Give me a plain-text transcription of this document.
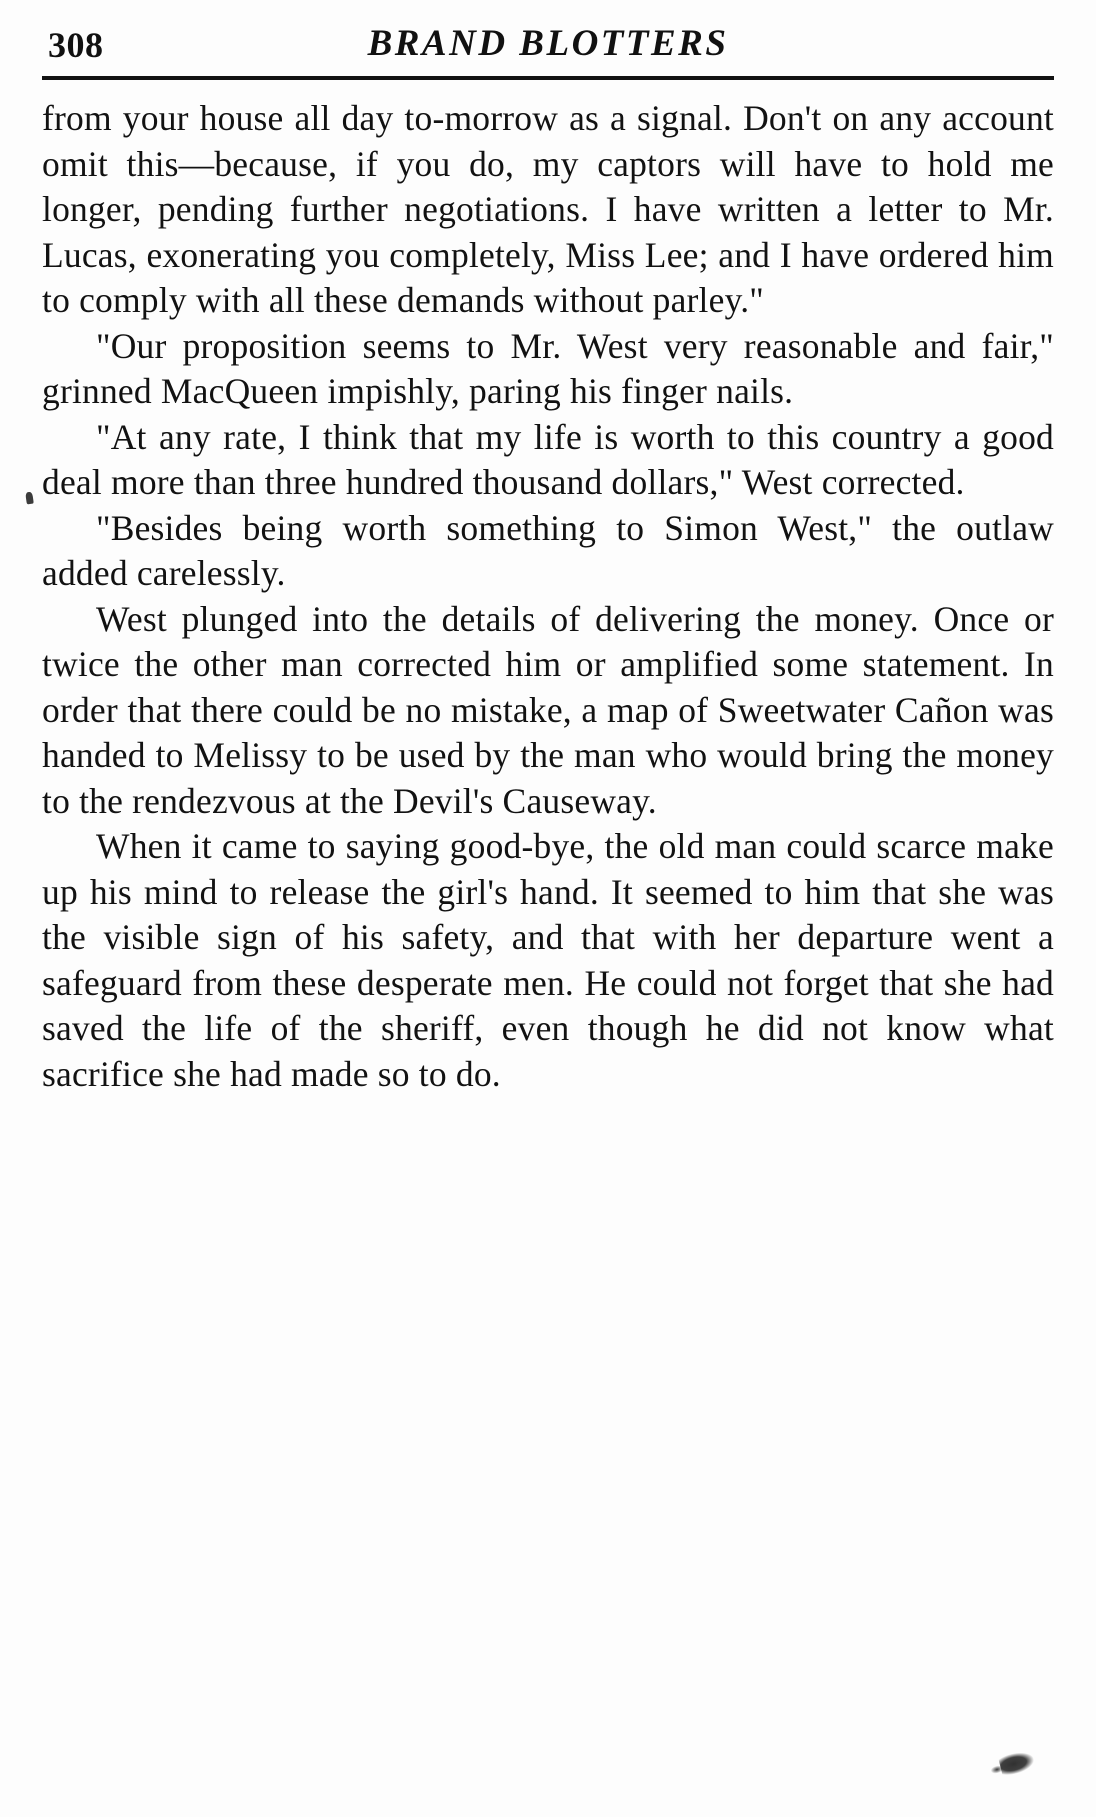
308	BRAND BLOTTERS

from your house all day to-morrow as a signal. Don't on any account omit this—because, if you do, my captors will have to hold me longer, pending further negotiations. I have written a letter to Mr. Lucas, exonerating you completely, Miss Lee; and I have ordered him to comply with all these demands without parley."

"Our proposition seems to Mr. West very reasonable and fair," grinned MacQueen impishly, paring his finger nails.

"At any rate, I think that my life is worth to this country a good deal more than three hundred thousand dollars," West corrected.

"Besides being worth something to Simon West," the outlaw added carelessly.

West plunged into the details of delivering the money. Once or twice the other man corrected him or amplified some statement. In order that there could be no mistake, a map of Sweetwater Cañon was handed to Melissy to be used by the man who would bring the money to the rendezvous at the Devil's Causeway.

When it came to saying good-bye, the old man could scarce make up his mind to release the girl's hand. It seemed to him that she was the visible sign of his safety, and that with her departure went a safeguard from these desperate men. He could not forget that she had saved the life of the sheriff, even though he did not know what sacrifice she had made so to do.
